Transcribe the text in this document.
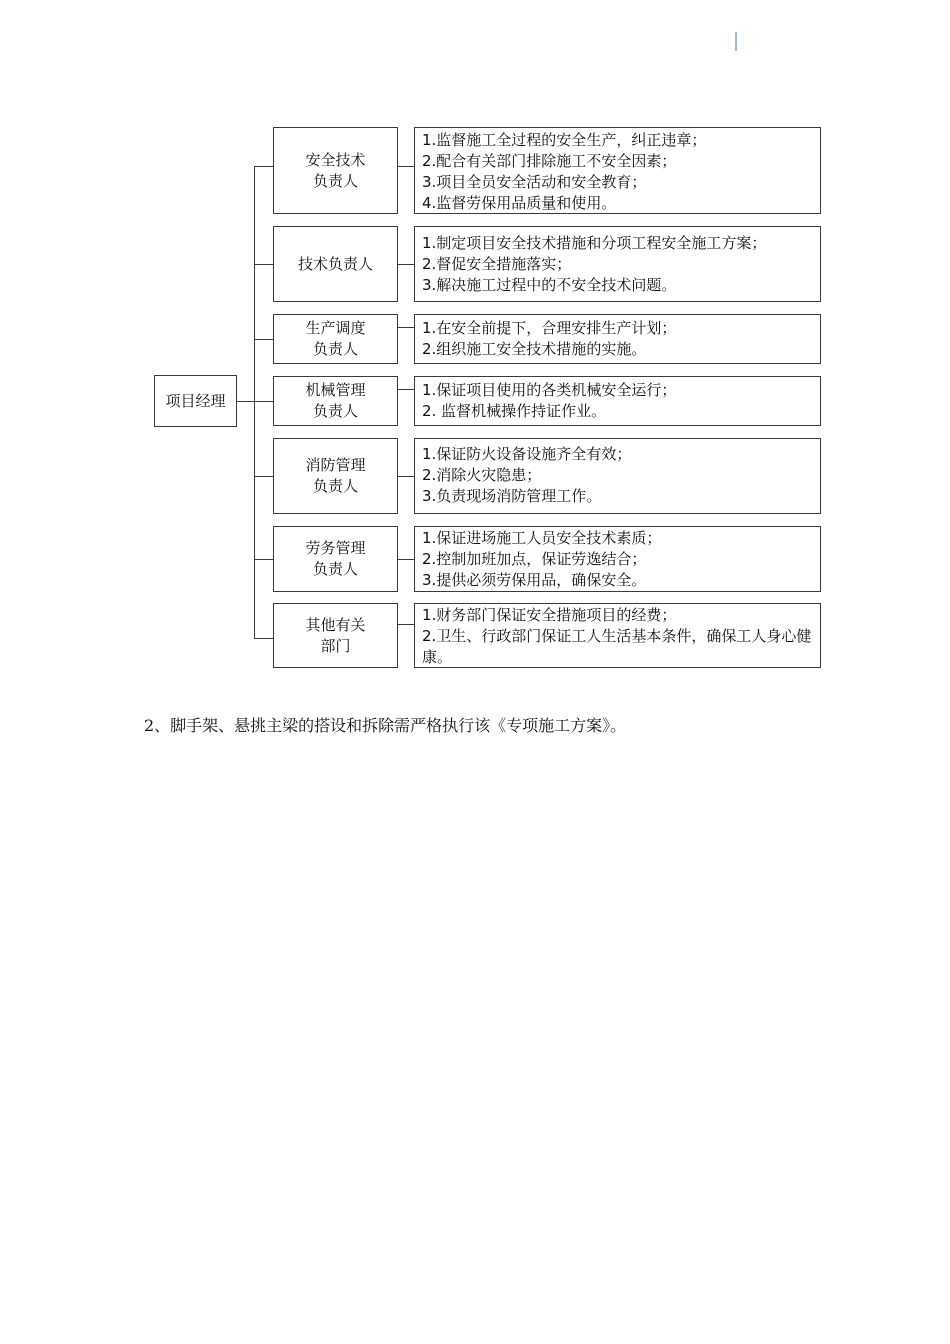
项目经理
安全技术
负责人
1.监督施工全过程的安全生产，纠正违章；
2.配合有关部门排除施工不安全因素；
3.项目全员安全活动和安全教育；
4.监督劳保用品质量和使用。
技术负责人
1.制定项目安全技术措施和分项工程安全施工方案；
2.督促安全措施落实；
3.解决施工过程中的不安全技术问题。
生产调度
负责人
1.在安全前提下，合理安排生产计划；
2.组织施工安全技术措施的实施。
机械管理
负责人
1.保证项目使用的各类机械安全运行；
2. 监督机械操作持证作业。
消防管理
负责人
1.保证防火设备设施齐全有效；
2.消除火灾隐患；
3.负责现场消防管理工作。
劳务管理
负责人
1.保证进场施工人员安全技术素质；
2.控制加班加点，保证劳逸结合；
3.提供必须劳保用品，确保安全。
其他有关
部门
1.财务部门保证安全措施项目的经费；
2.卫生、行政部门保证工人生活基本条件，确保工人身心健康。

2、脚手架、悬挑主梁的搭设和拆除需严格执行该《专项施工方案》。
